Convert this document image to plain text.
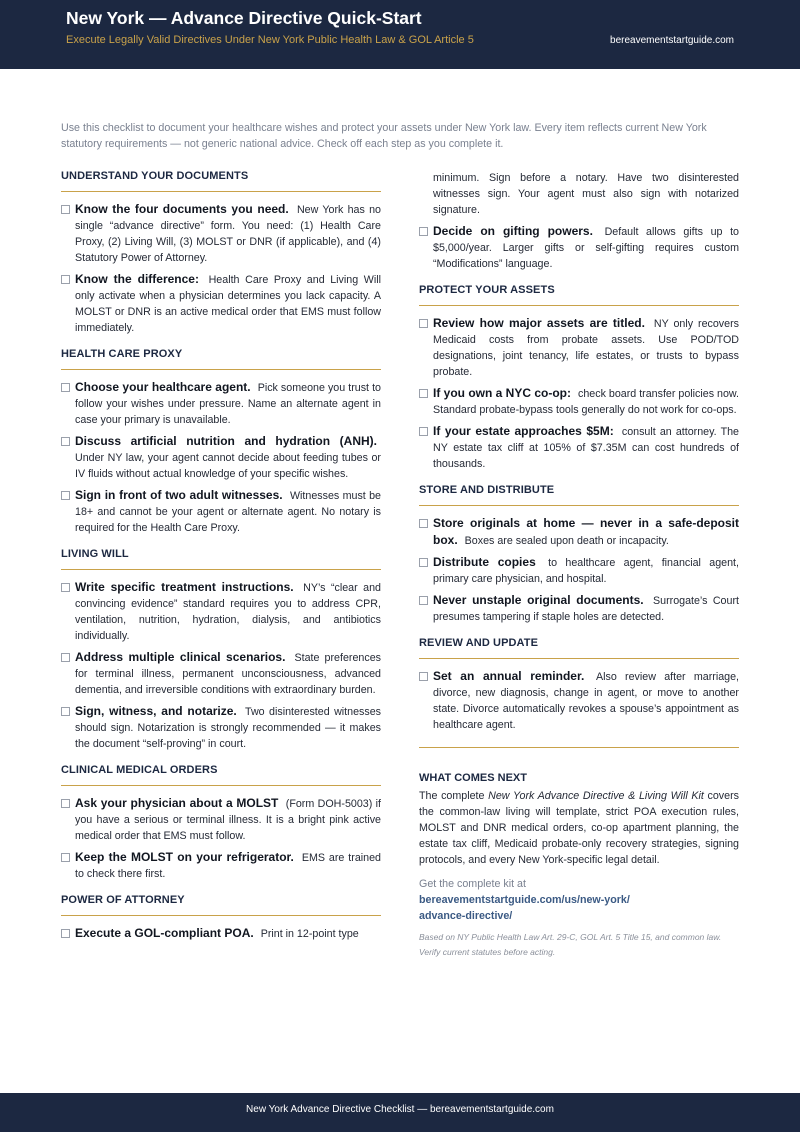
New York — Advance Directive Quick-Start
Execute Legally Valid Directives Under New York Public Health Law & GOL Article 5	bereavementstartguide.com
Use this checklist to document your healthcare wishes and protect your assets under New York law. Every item reflects current New York statutory requirements — not generic national advice. Check off each step as you complete it.
UNDERSTAND YOUR DOCUMENTS
Know the four documents you need. New York has no single “advance directive” form. You need: (1) Health Care Proxy, (2) Living Will, (3) MOLST or DNR (if applicable), and (4) Statutory Power of Attorney.
Know the difference: Health Care Proxy and Living Will only activate when a physician determines you lack capacity. A MOLST or DNR is an active medical order that EMS must follow immediately.
HEALTH CARE PROXY
Choose your healthcare agent. Pick someone you trust to follow your wishes under pressure. Name an alternate agent in case your primary is unavailable.
Discuss artificial nutrition and hydration (ANH). Under NY law, your agent cannot decide about feeding tubes or IV fluids without actual knowledge of your specific wishes.
Sign in front of two adult witnesses. Witnesses must be 18+ and cannot be your agent or alternate agent. No notary is required for the Health Care Proxy.
LIVING WILL
Write specific treatment instructions. NY’s “clear and convincing evidence” standard requires you to address CPR, ventilation, nutrition, hydration, dialysis, and antibiotics individually.
Address multiple clinical scenarios. State preferences for terminal illness, permanent unconsciousness, advanced dementia, and irreversible conditions with extraordinary burden.
Sign, witness, and notarize. Two disinterested witnesses should sign. Notarization is strongly recommended — it makes the document “self-proving” in court.
CLINICAL MEDICAL ORDERS
Ask your physician about a MOLST (Form DOH-5003) if you have a serious or terminal illness. It is a bright pink active medical order that EMS must follow.
Keep the MOLST on your refrigerator. EMS are trained to check there first.
POWER OF ATTORNEY
Execute a GOL-compliant POA. Print in 12-point type
minimum. Sign before a notary. Have two disinterested witnesses sign. Your agent must also sign with notarized signature.
Decide on gifting powers. Default allows gifts up to $5,000/year. Larger gifts or self-gifting requires custom “Modifications” language.
PROTECT YOUR ASSETS
Review how major assets are titled. NY only recovers Medicaid costs from probate assets. Use POD/TOD designations, joint tenancy, life estates, or trusts to bypass probate.
If you own a NYC co-op: check board transfer policies now. Standard probate-bypass tools generally do not work for co-ops.
If your estate approaches $5M: consult an attorney. The NY estate tax cliff at 105% of $7.35M can cost hundreds of thousands.
STORE AND DISTRIBUTE
Store originals at home — never in a safe-deposit box. Boxes are sealed upon death or incapacity.
Distribute copies to healthcare agent, financial agent, primary care physician, and hospital.
Never unstaple original documents. Surrogate’s Court presumes tampering if staple holes are detected.
REVIEW AND UPDATE
Set an annual reminder. Also review after marriage, divorce, new diagnosis, change in agent, or move to another state. Divorce automatically revokes a spouse’s appointment as healthcare agent.
WHAT COMES NEXT
The complete New York Advance Directive & Living Will Kit covers the common-law living will template, strict POA execution rules, MOLST and DNR medical orders, co-op apartment planning, the estate tax cliff, Medicaid probate-only recovery strategies, signing protocols, and every New York-specific legal detail.
Get the complete kit at
bereavementstartguide.com/us/new-york/
advance-directive/
Based on NY Public Health Law Art. 29-C, GOL Art. 5 Title 15, and common law. Verify current statutes before acting.
New York Advance Directive Checklist — bereavementstartguide.com
